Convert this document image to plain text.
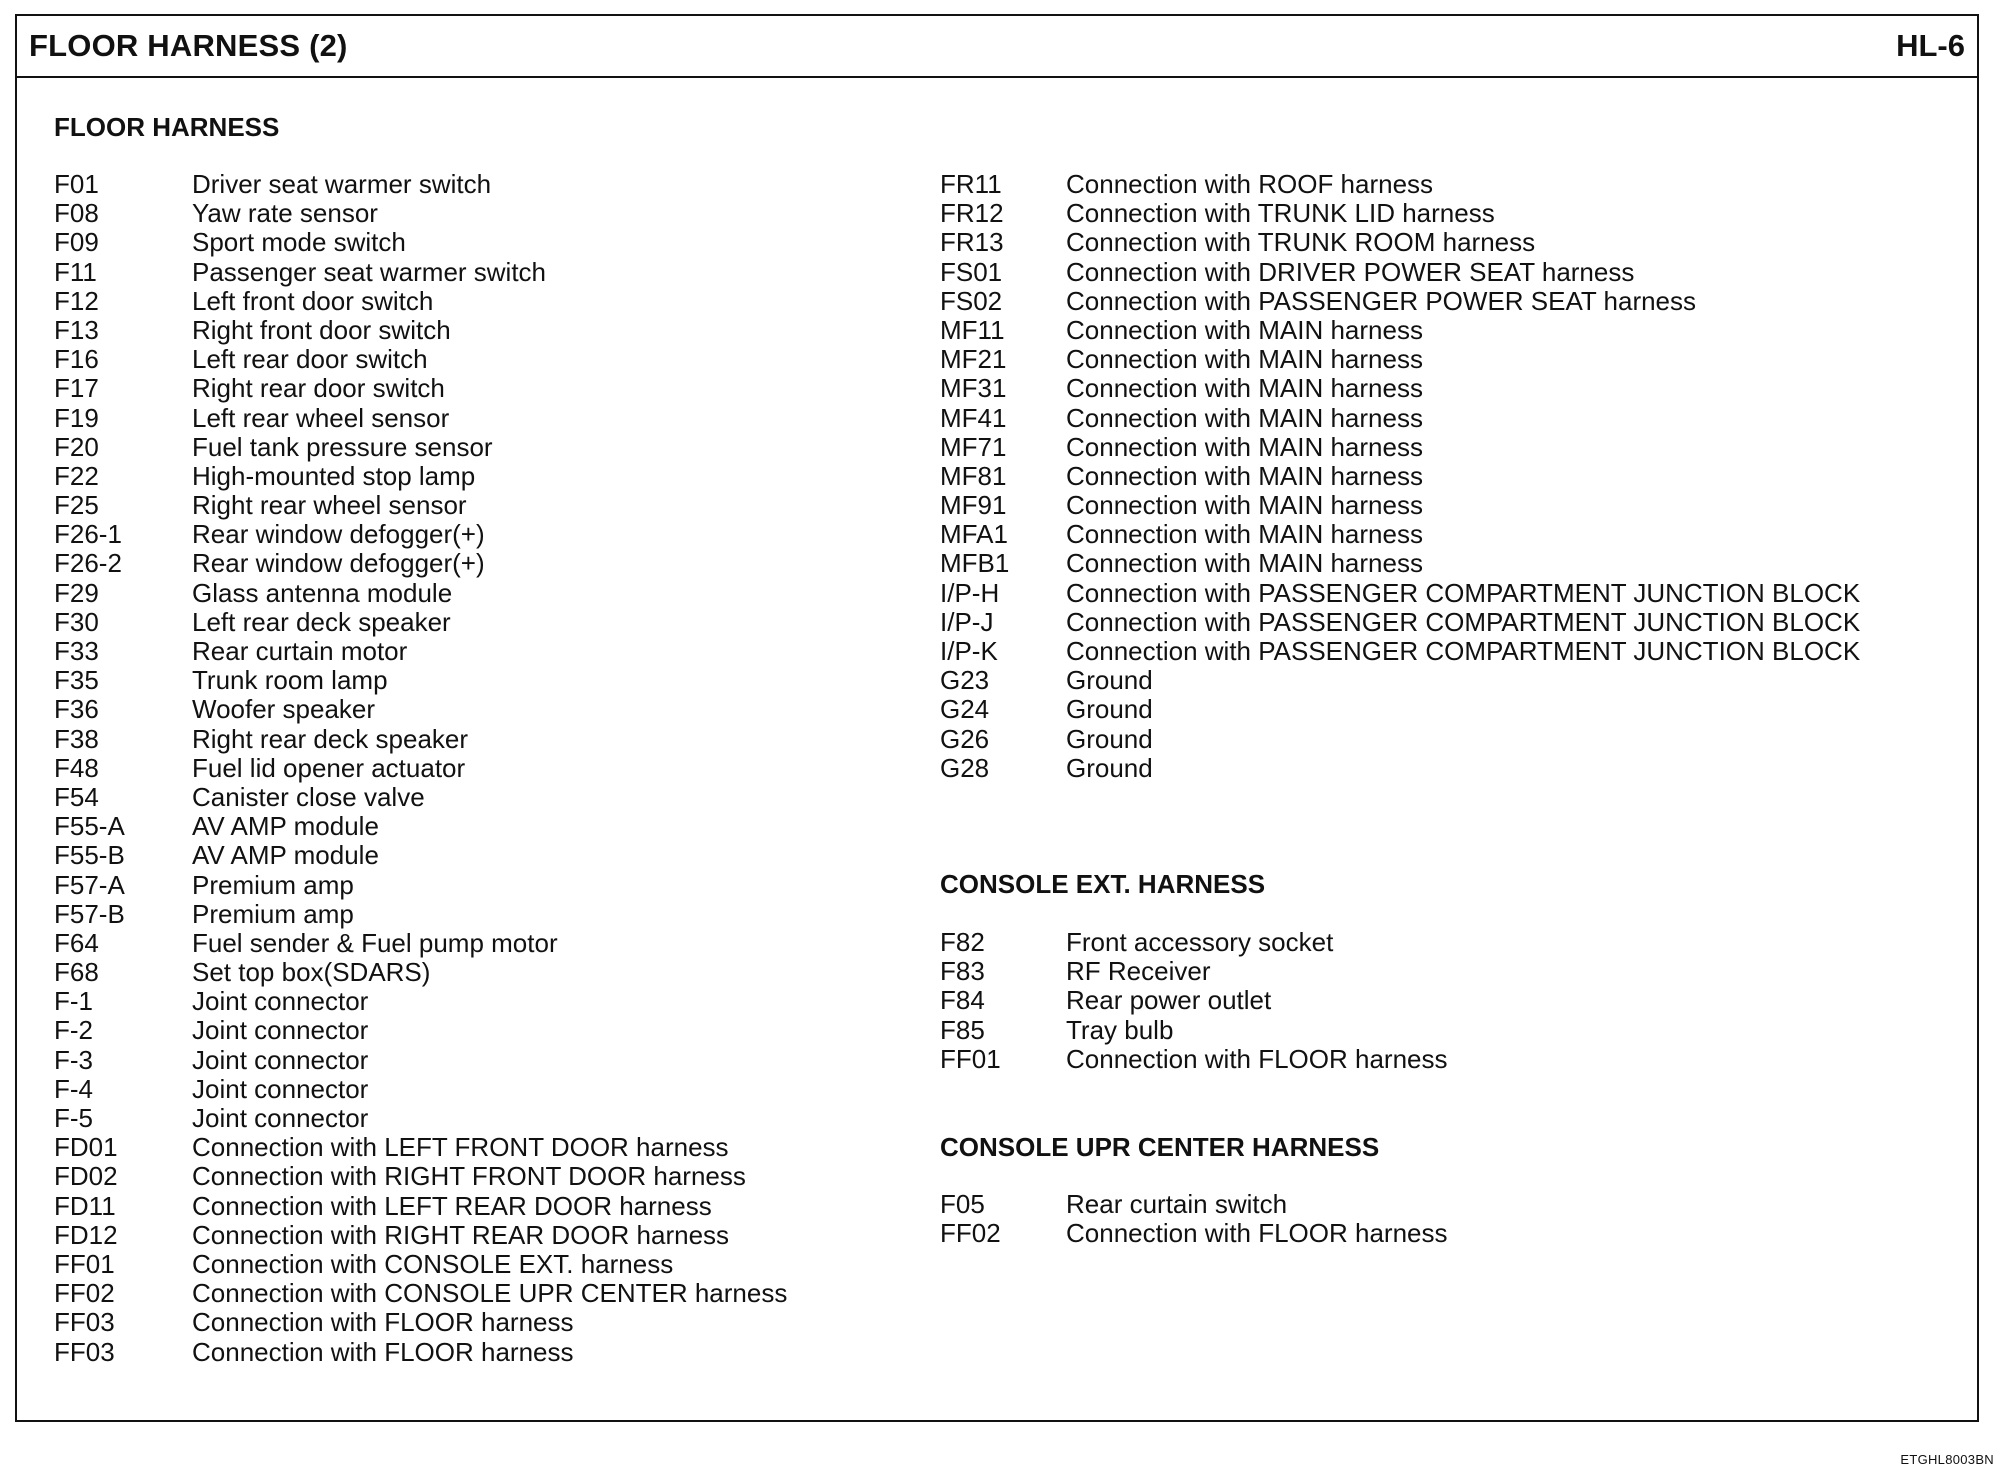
FLOOR HARNESS (2)	HL-6
FLOOR HARNESS
F01	Driver seat warmer switch
F08	Yaw rate sensor
F09	Sport mode switch
F11	Passenger seat warmer switch
F12	Left front door switch
F13	Right front door switch
F16	Left rear door switch
F17	Right rear door switch
F19	Left rear wheel sensor
F20	Fuel tank pressure sensor
F22	High-mounted stop lamp
F25	Right rear wheel sensor
F26-1	Rear window defogger(+)
F26-2	Rear window defogger(+)
F29	Glass antenna module
F30	Left rear deck speaker
F33	Rear curtain motor
F35	Trunk room lamp
F36	Woofer speaker
F38	Right rear deck speaker
F48	Fuel lid opener actuator
F54	Canister close valve
F55-A	AV AMP module
F55-B	AV AMP module
F57-A	Premium amp
F57-B	Premium amp
F64	Fuel sender & Fuel pump motor
F68	Set top box(SDARS)
F-1	Joint connector
F-2	Joint connector
F-3	Joint connector
F-4	Joint connector
F-5	Joint connector
FD01	Connection with LEFT FRONT DOOR harness
FD02	Connection with RIGHT FRONT DOOR harness
FD11	Connection with LEFT REAR DOOR harness
FD12	Connection with RIGHT REAR DOOR harness
FF01	Connection with CONSOLE EXT. harness
FF02	Connection with CONSOLE UPR CENTER harness
FF03	Connection with FLOOR harness
FF03	Connection with FLOOR harness
FR11 Connection with ROOF harness
FR12 Connection with TRUNK LID harness
FR13 Connection with TRUNK ROOM harness
FS01 Connection with DRIVER POWER SEAT harness
FS02 Connection with PASSENGER POWER SEAT harness
MF11 Connection with MAIN harness
MF21 Connection with MAIN harness
MF31 Connection with MAIN harness
MF41 Connection with MAIN harness
MF71 Connection with MAIN harness
MF81 Connection with MAIN harness
MF91 Connection with MAIN harness
MFA1 Connection with MAIN harness
MFB1 Connection with MAIN harness
I/P-H	Connection with PASSENGER COMPARTMENT JUNCTION BLOCK
I/P-J	Connection with PASSENGER COMPARTMENT JUNCTION BLOCK
I/P-K	Connection with PASSENGER COMPARTMENT JUNCTION BLOCK
G23	Ground
G24	Ground
G26	Ground
G28	Ground
CONSOLE EXT. HARNESS
F82	Front accessory socket
F83	RF Receiver
F84	Rear power outlet
F85	Tray bulb
FF01	Connection with FLOOR harness
CONSOLE UPR CENTER HARNESS
F05	Rear curtain switch
FF02	Connection with FLOOR harness
ETGHL8003BN
